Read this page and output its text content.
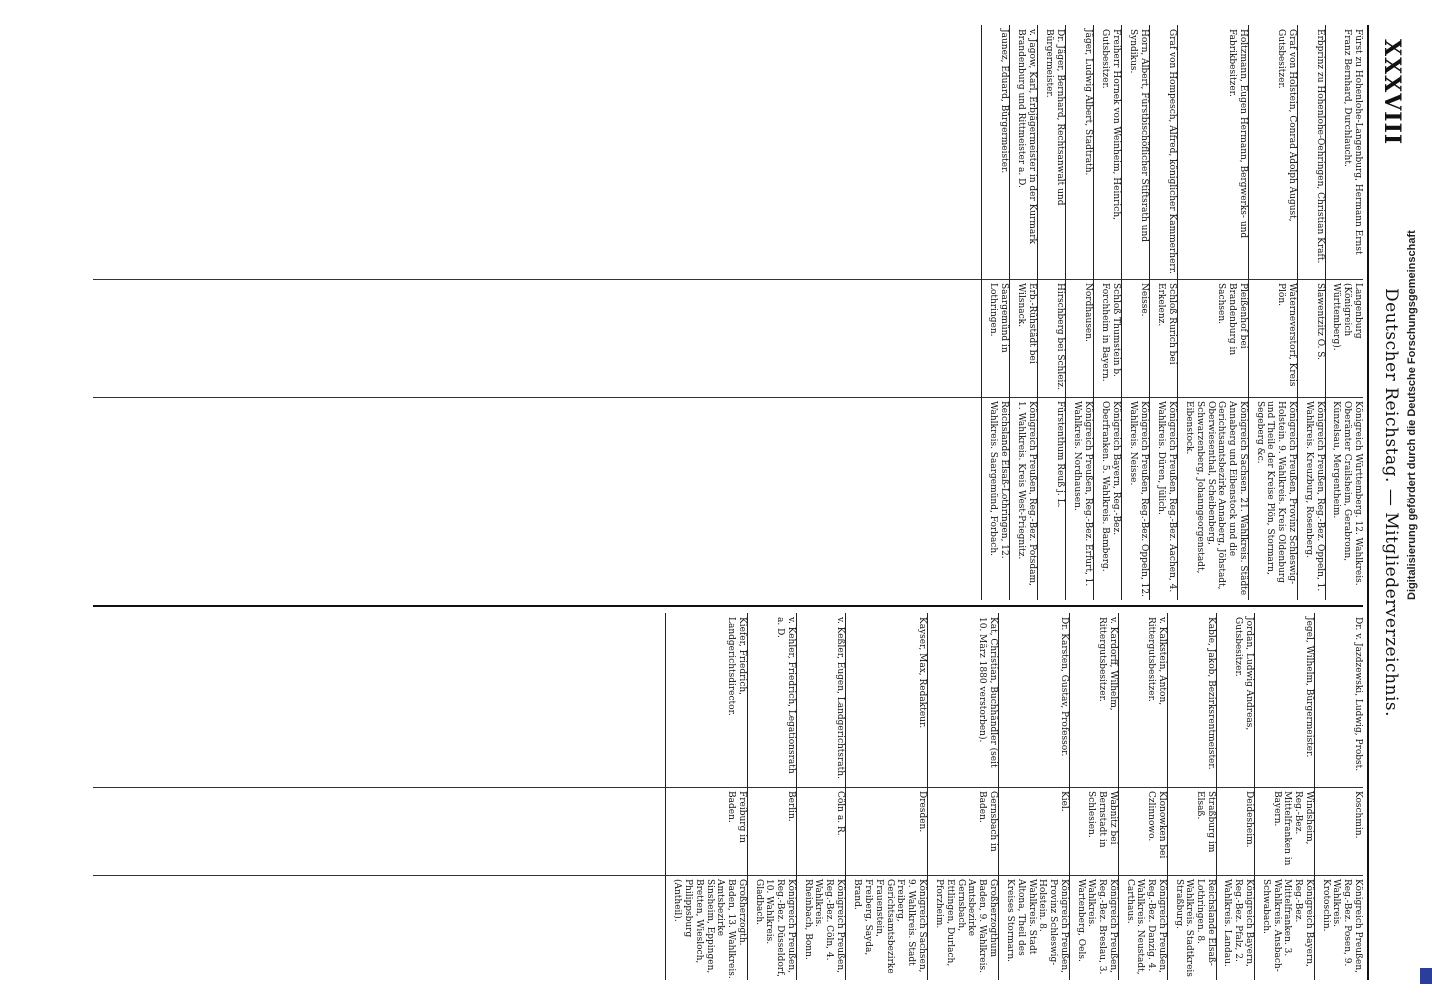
XXXVIII
Deutscher Reichstag. — Mitgliederverzeichnis.
Fürst zu Hohenlohe-Langenburg, Hermann Ernst Franz Bernhard, Durchlaucht.
Langenburg (Königreich Württemberg).
Königreich Württemberg. 12. Wahlkreis. Oberämter Crailsheim, Gerabronn, Künzelsau, Mergentheim.
Erbprinz zu Hohenlohe-Oehringen, Christian Kraft.
Slawentzitz O. S.
Königreich Preußen, Reg.-Bez. Oppeln, 1. Wahlkreis. Kreuzburg, Rosenberg.
Graf von Holstein, Conrad Adolph August, Gutsbesitzer.
Waterneverstorf, Kreis Plön.
Königreich Preußen, Provinz Schleswig-Holstein. 9. Wahlkreis. Kreis Oldenburg und Theile der Kreise Plön, Stormarn, Segeberg &c.
Holtzmann, Eugen Hermann, Bergwerks- und Fabrikbesitzer.
Pleißenhof bei Brandenburg in Sachsen.
Königreich Sachsen. 21. Wahlkreis. Städte Annaberg und Eibenstock und die Gerichtsamtsbezirke Annaberg, Jöhstadt, Oberwiesenthal, Scheibenberg, Schwarzenberg, Johanngeorgenstadt, Eibenstock.
Graf von Hompesch, Alfred, königlicher Kammerherr.
Schloß Rurich bei Erkelenz.
Königreich Preußen, Reg.-Bez. Aachen, 4. Wahlkreis. Düren, Jülich.
Horn, Albert, Fürstbischöflicher Stiftsrath und Syndikus.
Neisse.
Königreich Preußen, Reg.-Bez. Oppeln, 12. Wahlkreis. Neisse.
Freiherr Hornek von Weinheim, Heinrich, Gutsbesitzer.
Schloß Thumstein b. Forchheim in Bayern.
Königreich Bayern, Reg.-Bez. Oberfranken. 5. Wahlkreis. Bamberg.
Jäger, Ludwig Albert, Stadtrath.
Nordhausen.
Königreich Preußen, Reg.-Bez. Erfurt, 1. Wahlkreis. Nordhausen.
Dr. Jäger, Bernhard, Rechtsanwalt und Bürgermeister.
Hirschberg bei Schleiz.
Fürstenthum Reuß j. L.
v. Jagow, Karl, Erbjägermeister in der Kurmark Brandenburg und Rittmeister a. D.
Erb.-Rühstädt bei Wilsnack.
Königreich Preußen, Reg.-Bez. Potsdam, 1. Wahlkreis. Kreis West-Priegnitz.
Jaunez, Eduard, Bürgermeister.
Saargemünd in Lothringen.
Reichslande Elsaß-Lothringen, 12. Wahlkreis. Saargemünd, Forbach.
Dr. v. Jazdzewski, Ludwig, Probst.
Koschmin.
Königreich Preußen, Reg.-Bez. Posen, 9. Wahlkreis. Krotoschin.
Jegel, Wilhelm, Bürgermeister.
Windsheim, Reg.-Bez. Mittelfranken in Bayern.
Königreich Bayern, Reg.-Bez. Mittelfranken. 3. Wahlkreis. Ansbach-Schwabach.
Jordan, Ludwig Andreas, Gutsbesitzer.
Deidesheim.
Königreich Bayern, Reg.-Bez. Pfalz, 2. Wahlkreis. Landau.
Kable, Jakob, Bezirksrentmeister.
Straßburg im Elsaß.
Reichslande Elsaß-Lothringen. 8. Wahlkreis. Stadtkreis Straßburg.
v. Kalkstein, Anton, Rittergutsbesitzer.
Klonowken bei Czlinnowo.
Königreich Preußen, Reg.-Bez. Danzig. 4. Wahlkreis. Neustadt, Carthaus.
v. Kardorff, Wilhelm, Rittergutsbesitzer.
Wabnitz bei Bernstadt in Schlesien.
Königreich Preußen, Reg.-Bez. Breslau, 3. Wahlkreis. Wartenberg, Oels.
Dr. Karsten, Gustav, Professor.
Kiel.
Königreich Preußen, Provinz Schleswig-Holstein. 8. Wahlkreis. Stadt Altona, Theil des Kreises Stormarn.
Kat, Christian, Buchhändler (seit 10. März 1880 verstorben).
Gernsbach in Baden.
Großherzogthum Baden, 9. Wahlkreis. Amtsbezirke Gernsbach, Ettlingen, Durlach, Pforzheim.
Kayser, Max, Redakteur.
Dresden.
Königreich Sachsen, 9. Wahlkreis. Stadt Freiberg, Gerichtsamtsbezirke Frauenstein, Freiberg, Sayda, Brand.
v. Keßler, Eugen, Landgerichtsrath.
Cöln a. R.
Königreich Preußen, Reg.-Bez. Cöln, 4. Wahlkreis. Rheinbach, Bonn.
v. Kehler, Friedrich, Legationsrath a. D.
Berlin.
Königreich Preußen, Reg.-Bez. Düsseldorf, 10. Wahlkreis. Gladbach.
Kiefer, Friedrich, Landgerichtsdirector.
Freiburg in Baden.
Großherzogth. Baden, 13. Wahlkreis. Amtsbezirke Sinsheim, Eppingen, Bretten, Wiesloch, Philippsburg (Antheil).
Digitalisierung gefördert durch die Deutsche Forschungsgemeinschaft
